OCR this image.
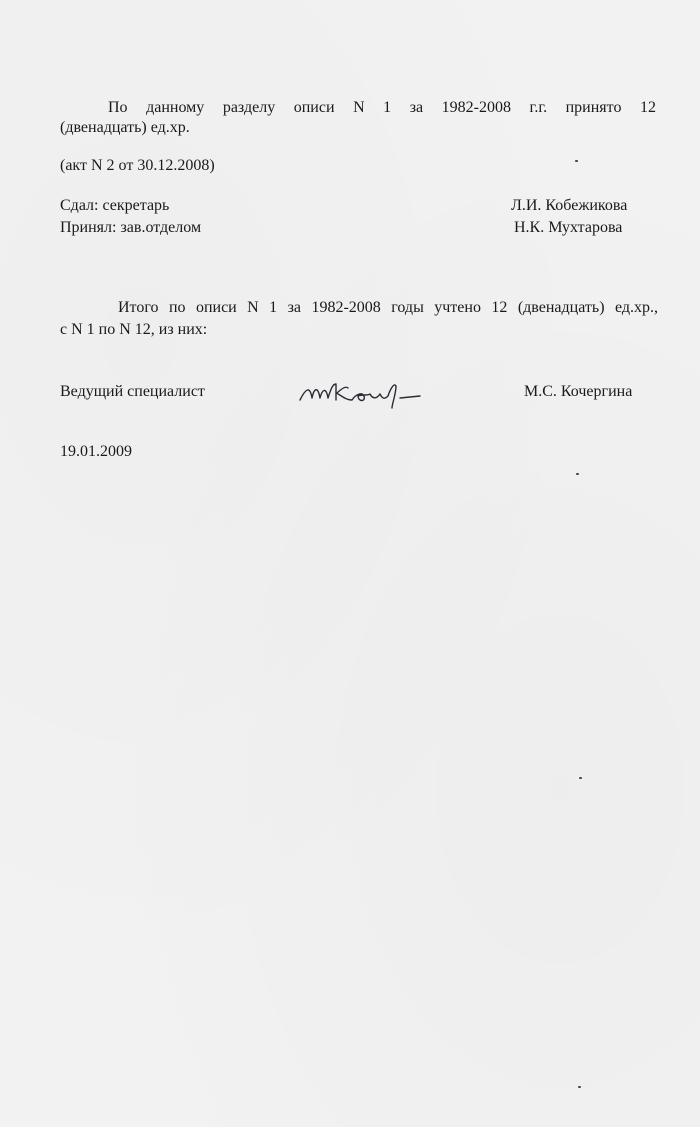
По данному разделу описи N 1 за 1982-2008 г.г. принято 12
(двенадцать) ед.хр.
(акт N 2 от 30.12.2008)
Сдал: секретарь	Л.И. Кобежикова
Принял: зав.отделом	Н.К. Мухтарова
Итого по описи N 1 за 1982-2008 годы учтено 12 (двенадцать) ед.хр.,
с N 1 по N 12, из них:
Ведущий специалист	М.С. Кочергина
19.01.2009
